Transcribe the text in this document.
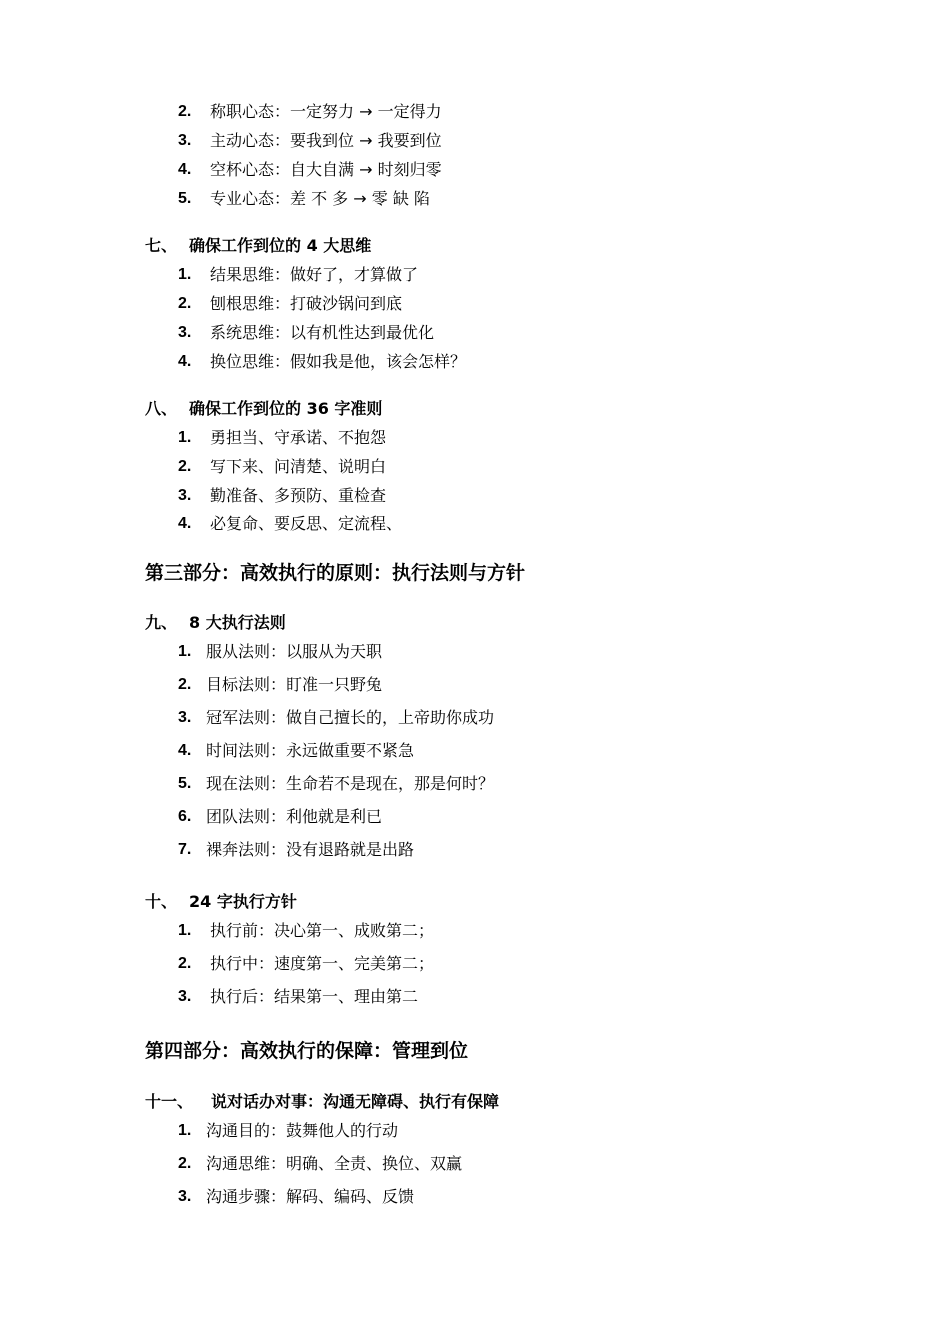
2. 称职心态：一定努力 → 一定得力
3. 主动心态：要我到位 → 我要到位
4. 空杯心态：自大自满 → 时刻归零
5. 专业心态：差 不 多 → 零 缺 陷
七、 确保工作到位的 4 大思维
1. 结果思维：做好了，才算做了
2. 刨根思维：打破沙锅问到底
3. 系统思维：以有机性达到最优化
4. 换位思维：假如我是他，该会怎样？
八、 确保工作到位的 36 字准则
1. 勇担当、守承诺、不抱怨
2. 写下来、问清楚、说明白
3. 勤准备、多预防、重检查
4. 必复命、要反思、定流程、
第三部分：高效执行的原则：执行法则与方针
九、 8 大执行法则
1. 服从法则：以服从为天职
2. 目标法则：盯准一只野兔
3. 冠军法则：做自己擅长的，上帝助你成功
4. 时间法则：永远做重要不紧急
5. 现在法则：生命若不是现在，那是何时？
6. 团队法则：利他就是利已
7. 裸奔法则：没有退路就是出路
十、 24 字执行方针
1. 执行前：决心第一、成败第二；
2. 执行中：速度第一、完美第二；
3. 执行后：结果第一、理由第二
第四部分：高效执行的保障：管理到位
十一、 说对话办对事：沟通无障碍、执行有保障
1. 沟通目的：鼓舞他人的行动
2. 沟通思维：明确、全责、换位、双赢
3. 沟通步骤：解码、编码、反馈
